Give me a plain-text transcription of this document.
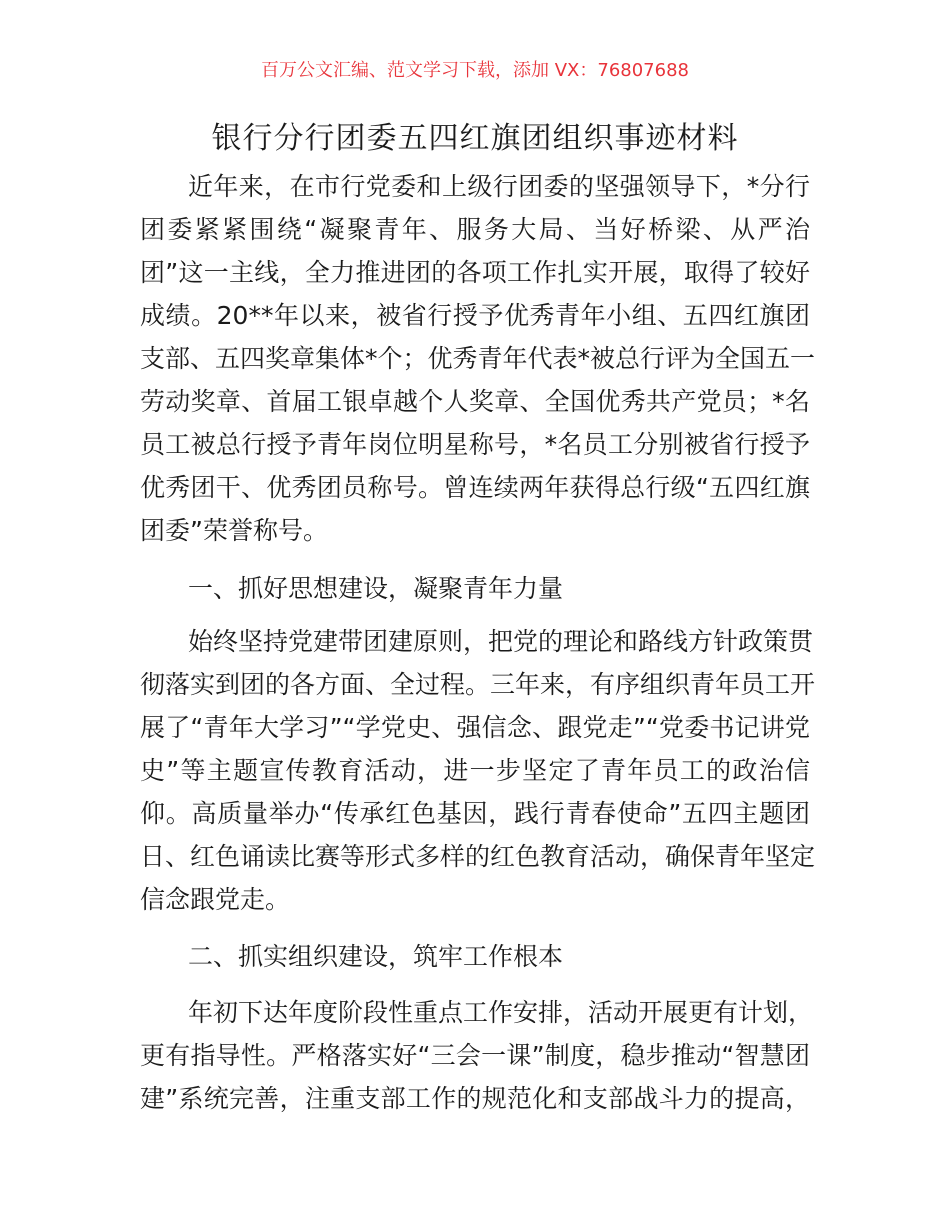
百万公文汇编、范文学习下载，添加 VX：76807688
银行分行团委五四红旗团组织事迹材料
近年来，在市行党委和上级行团委的坚强领导下，*分行
团委紧紧围绕“凝聚青年、服务大局、当好桥梁、从严治
团”这一主线，全力推进团的各项工作扎实开展，取得了较好
成绩。20**年以来，被省行授予优秀青年小组、五四红旗团
支部、五四奖章集体*个；优秀青年代表*被总行评为全国五一
劳动奖章、首届工银卓越个人奖章、全国优秀共产党员；*名
员工被总行授予青年岗位明星称号，*名员工分别被省行授予
优秀团干、优秀团员称号。曾连续两年获得总行级“五四红旗
团委”荣誉称号。
一、抓好思想建设，凝聚青年力量
始终坚持党建带团建原则，把党的理论和路线方针政策贯
彻落实到团的各方面、全过程。三年来，有序组织青年员工开
展了“青年大学习”“学党史、强信念、跟党走”“党委书记讲党
史”等主题宣传教育活动，进一步坚定了青年员工的政治信
仰。高质量举办“传承红色基因，践行青春使命”五四主题团
日、红色诵读比赛等形式多样的红色教育活动，确保青年坚定
信念跟党走。
二、抓实组织建设，筑牢工作根本
年初下达年度阶段性重点工作安排，活动开展更有计划，
更有指导性。严格落实好“三会一课”制度，稳步推动“智慧团
建”系统完善，注重支部工作的规范化和支部战斗力的提高，
